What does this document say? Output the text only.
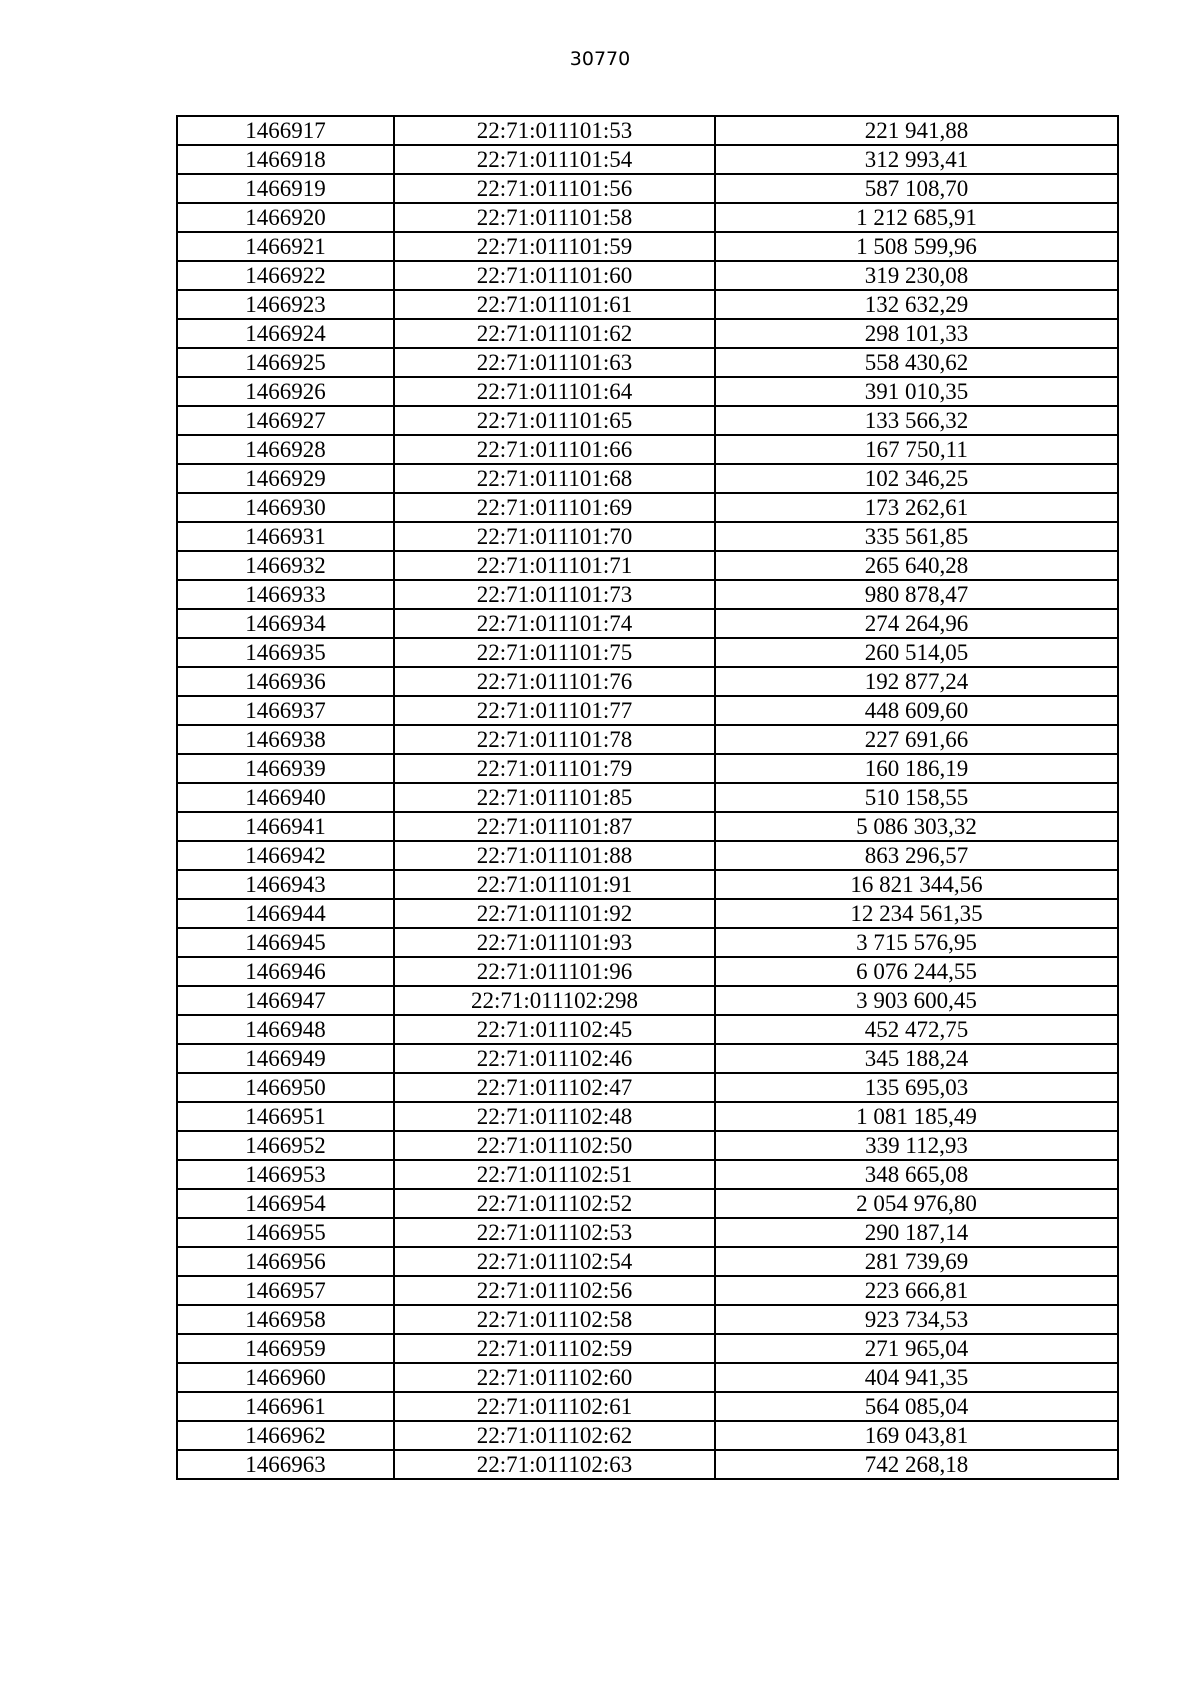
30770
1466917	22:71:011101:53	221 941,88
1466918	22:71:011101:54	312 993,41
1466919	22:71:011101:56	587 108,70
1466920	22:71:011101:58	1 212 685,91
1466921	22:71:011101:59	1 508 599,96
1466922	22:71:011101:60	319 230,08
1466923	22:71:011101:61	132 632,29
1466924	22:71:011101:62	298 101,33
1466925	22:71:011101:63	558 430,62
1466926	22:71:011101:64	391 010,35
1466927	22:71:011101:65	133 566,32
1466928	22:71:011101:66	167 750,11
1466929	22:71:011101:68	102 346,25
1466930	22:71:011101:69	173 262,61
1466931	22:71:011101:70	335 561,85
1466932	22:71:011101:71	265 640,28
1466933	22:71:011101:73	980 878,47
1466934	22:71:011101:74	274 264,96
1466935	22:71:011101:75	260 514,05
1466936	22:71:011101:76	192 877,24
1466937	22:71:011101:77	448 609,60
1466938	22:71:011101:78	227 691,66
1466939	22:71:011101:79	160 186,19
1466940	22:71:011101:85	510 158,55
1466941	22:71:011101:87	5 086 303,32
1466942	22:71:011101:88	863 296,57
1466943	22:71:011101:91	16 821 344,56
1466944	22:71:011101:92	12 234 561,35
1466945	22:71:011101:93	3 715 576,95
1466946	22:71:011101:96	6 076 244,55
1466947	22:71:011102:298	3 903 600,45
1466948	22:71:011102:45	452 472,75
1466949	22:71:011102:46	345 188,24
1466950	22:71:011102:47	135 695,03
1466951	22:71:011102:48	1 081 185,49
1466952	22:71:011102:50	339 112,93
1466953	22:71:011102:51	348 665,08
1466954	22:71:011102:52	2 054 976,80
1466955	22:71:011102:53	290 187,14
1466956	22:71:011102:54	281 739,69
1466957	22:71:011102:56	223 666,81
1466958	22:71:011102:58	923 734,53
1466959	22:71:011102:59	271 965,04
1466960	22:71:011102:60	404 941,35
1466961	22:71:011102:61	564 085,04
1466962	22:71:011102:62	169 043,81
1466963	22:71:011102:63	742 268,18
